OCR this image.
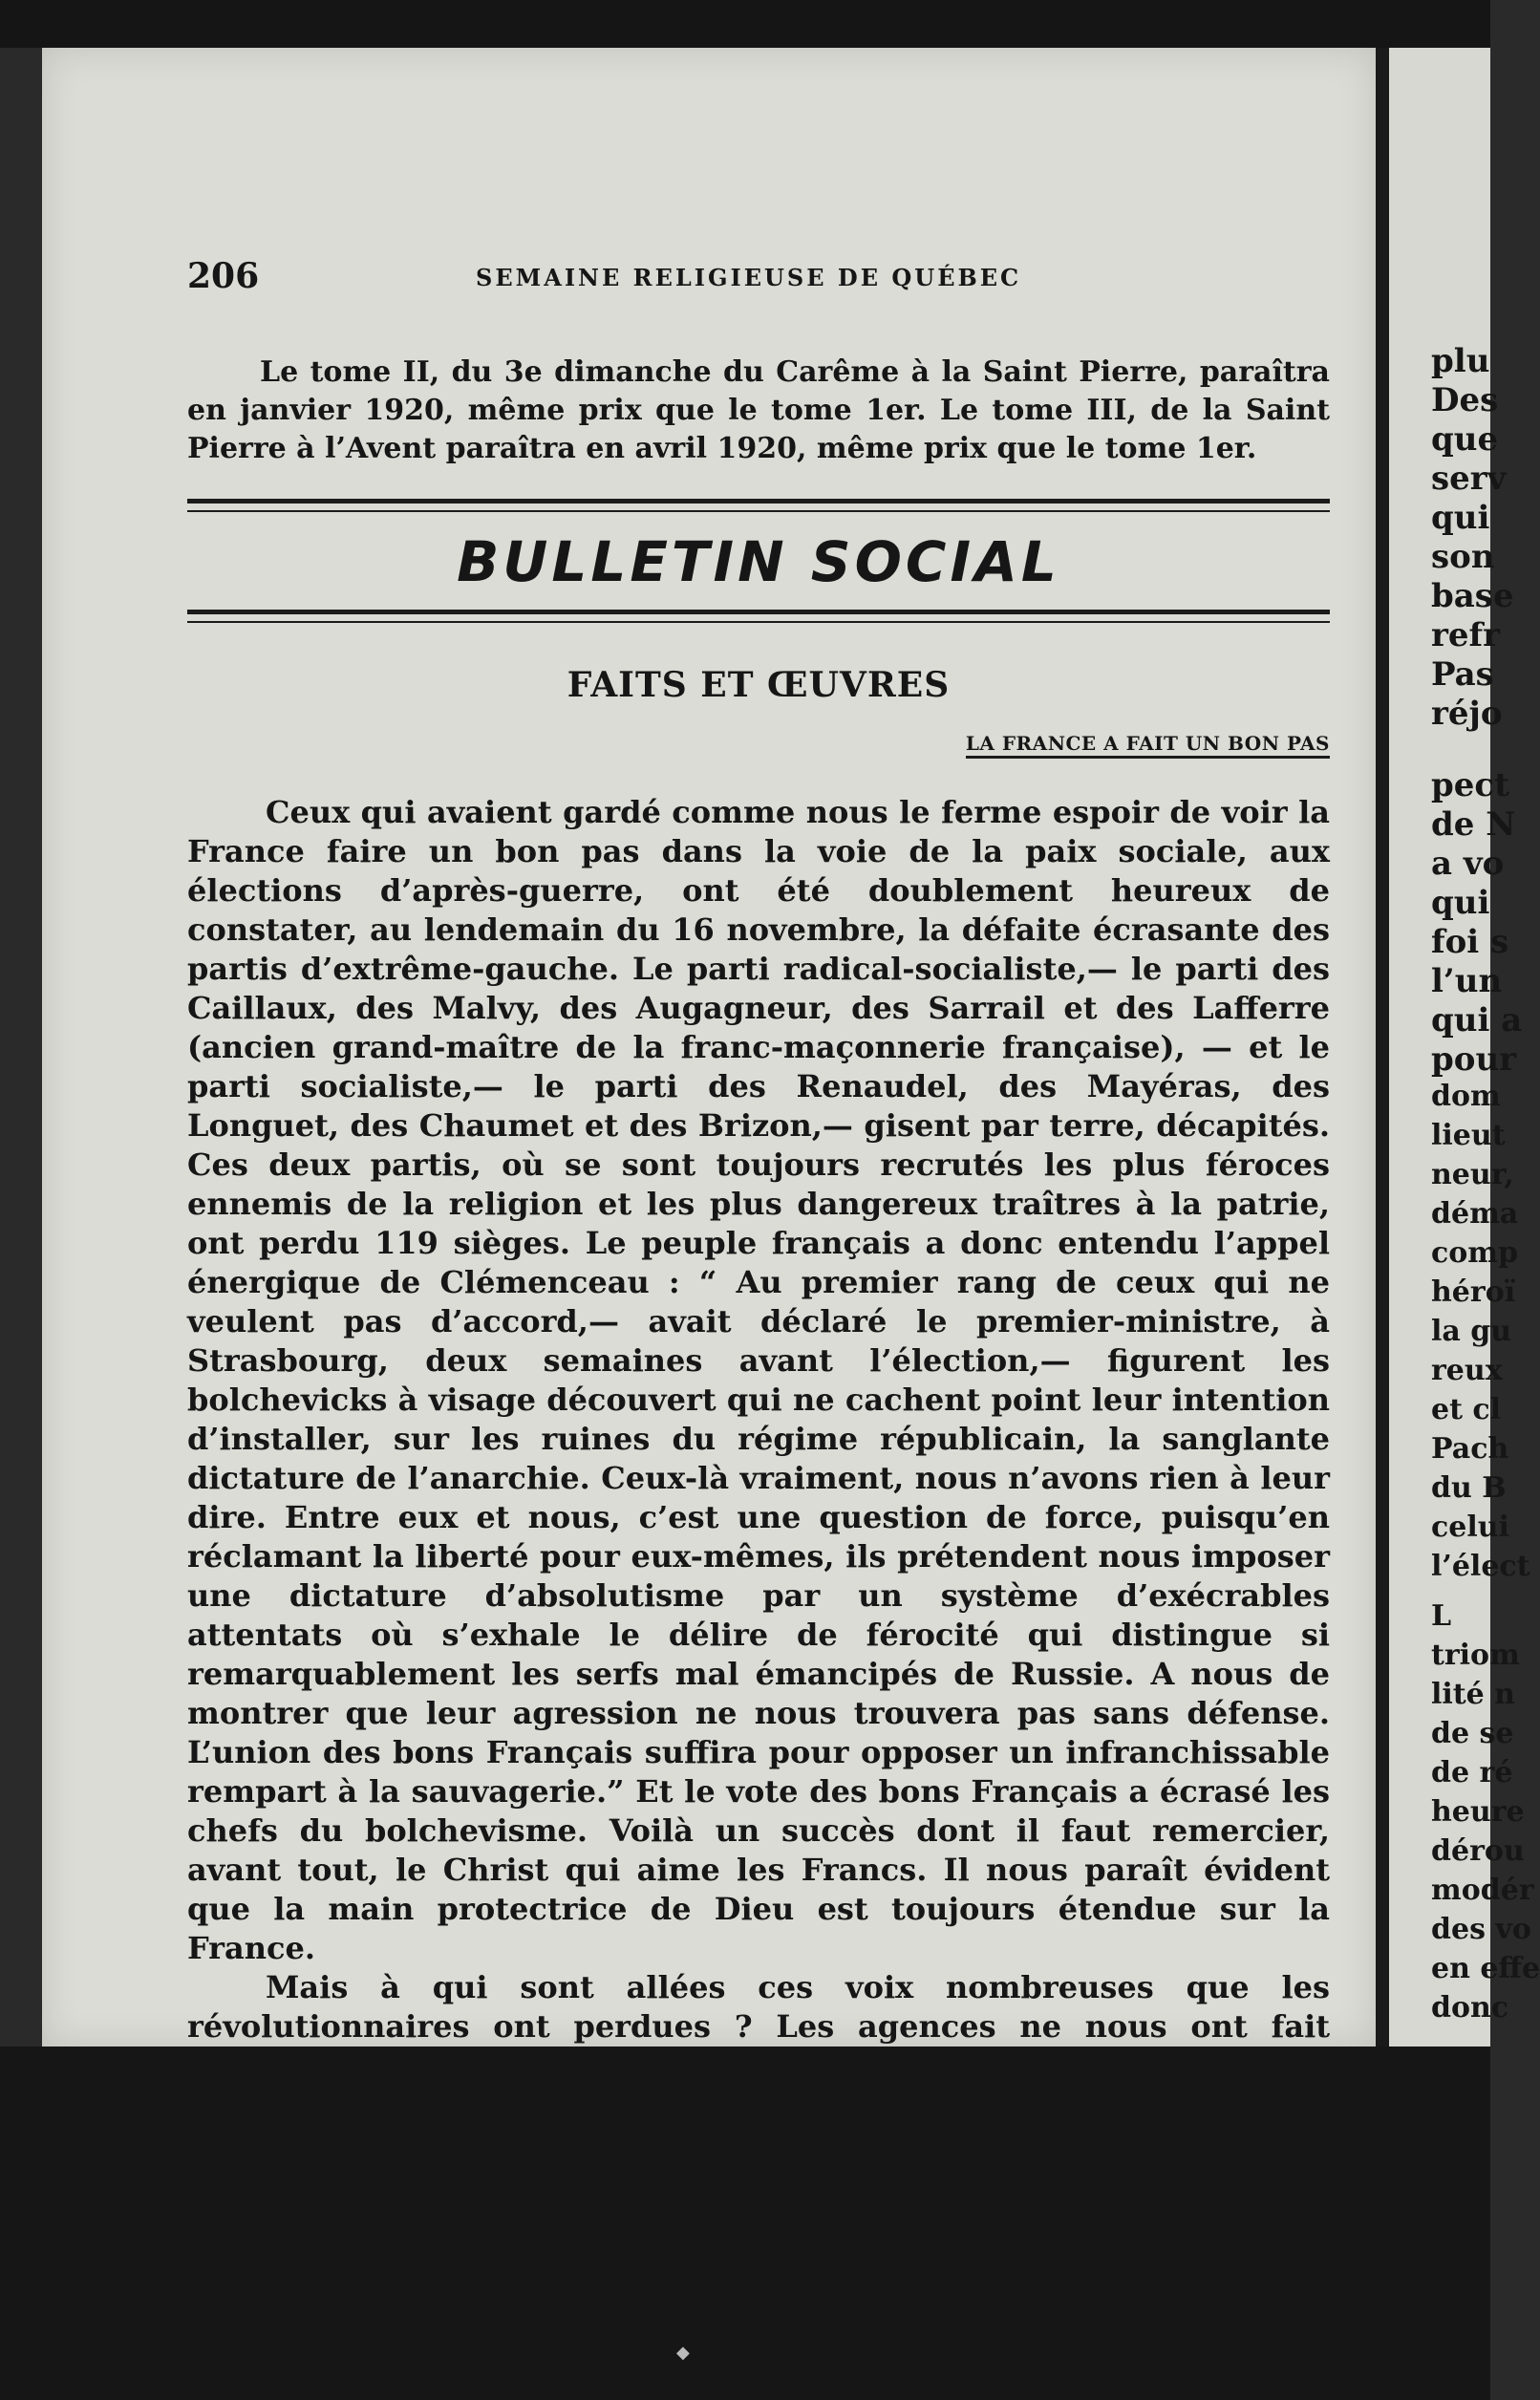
plu
Des
que
serv
qui
son
base
refr
Pas
réjo
pect
de N
a vo
qui
foi s
l’un
qui a
pour
dom
lieut
neur,
déma
comp
héroï
la gu
reux
et cl
Pach
du B
celui
l’élect
L
triom
lité n
de se
de ré
heure
dérou
modér
des vo
en effe
donc
◆
206	SEMAINE RELIGIEUSE DE QUÉBEC
Le tome II, du 3e dimanche du Carême à la Saint Pierre, paraîtra en janvier 1920, même prix que le tome 1er. Le tome III, de la Saint Pierre à l’Avent paraîtra en avril 1920, même prix que le tome 1er.
BULLETIN SOCIAL
FAITS ET ŒUVRES
LA FRANCE A FAIT UN BON PAS

Ceux qui avaient gardé comme nous le ferme espoir de voir la France faire un bon pas dans la voie de la paix sociale, aux élections d’après-guerre, ont été doublement heureux de constater, au lendemain du 16 novembre, la défaite écrasante des partis d’extrême-gauche. Le parti radical-socialiste,— le parti des Caillaux, des Malvy, des Augagneur, des Sarrail et des Lafferre (ancien grand-maître de la franc-maçonnerie française), — et le parti socialiste,— le parti des Renaudel, des Mayéras, des Longuet, des Chaumet et des Brizon,— gisent par terre, décapités. Ces deux partis, où se sont toujours recrutés les plus féroces ennemis de la religion et les plus dangereux traîtres à la patrie, ont perdu 119 sièges. Le peuple français a donc entendu l’appel énergique de Clémenceau : “ Au premier rang de ceux qui ne veulent pas d’accord,— avait déclaré le premier-ministre, à Strasbourg, deux semaines avant l’élection,— figurent les bolchevicks à visage découvert qui ne cachent point leur intention d’installer, sur les ruines du régime républicain, la sanglante dictature de l’anarchie. Ceux-là vraiment, nous n’avons rien à leur dire. Entre eux et nous, c’est une question de force, puisqu’en réclamant la liberté pour eux-mêmes, ils prétendent nous imposer une dictature d’absolutisme par un système d’exécrables attentats où s’exhale le délire de férocité qui distingue si remarquablement les serfs mal émancipés de Russie. A nous de montrer que leur agression ne nous trouvera pas sans défense. L’union des bons Français suffira pour opposer un infranchissable rempart à la sauvagerie.” Et le vote des bons Français a écrasé les chefs du bolchevisme. Voilà un succès dont il faut remercier, avant tout, le Christ qui aime les Francs. Il nous paraît évident que la main protectrice de Dieu est toujours étendue sur la France.

Mais à qui sont allées ces voix nombreuses que les révolutionnaires ont perdues ? Les agences ne nous ont fait connaître malheureusement qu’un très petit nombre des 327 nouveaux députés de la Chambre française. Parmi les réélus, on note le rusé et dangereux Briand, l’ancien éteignoir Viviani, qui paraît
